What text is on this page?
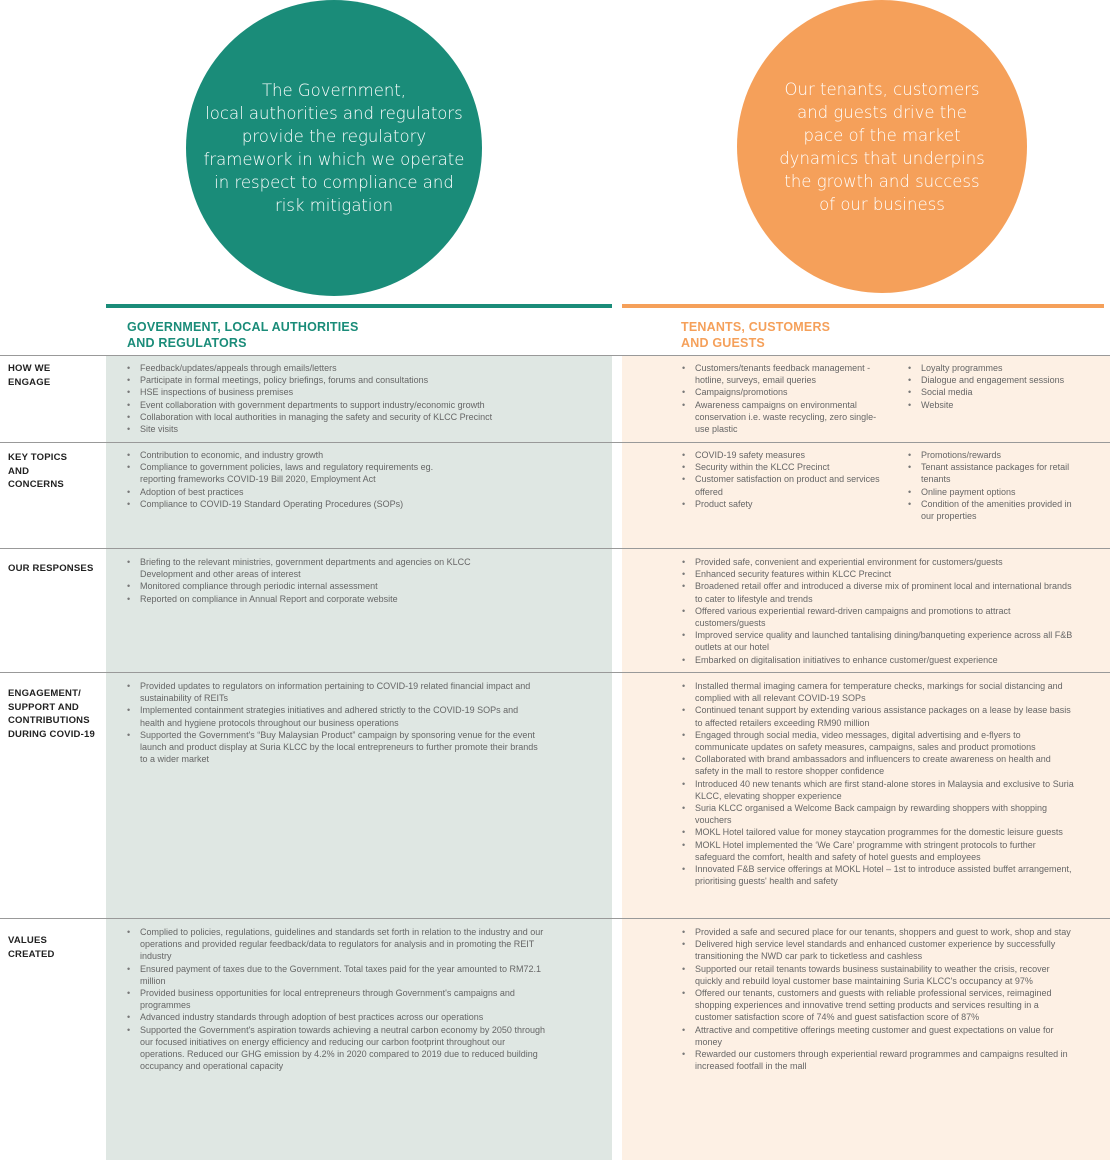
The Government,
local authorities and regulators
provide the regulatory
framework in which we operate
in respect to compliance and
risk mitigation

Our tenants, customers
and guests drive the
pace of the market
dynamics that underpins
the growth and success
of our business

GOVERNMENT, LOCAL AUTHORITIES
AND REGULATORS
TENANTS, CUSTOMERS
AND GUESTS
HOW WE
ENGAGE
• Feedback/updates/appeals through emails/letters
• Participate in formal meetings, policy briefings, forums and consultations
• HSE inspections of business premises
• Event collaboration with government departments to support industry/economic growth
• Collaboration with local authorities in managing the safety and security of KLCC Precinct
• Site visits
• Customers/tenants feedback management - hotline, surveys, email queries
• Campaigns/promotions
• Awareness campaigns on environmental conservation i.e. waste recycling, zero single-use plastic
• Loyalty programmes
• Dialogue and engagement sessions
• Social media
• Website
KEY TOPICS
AND
CONCERNS
• Contribution to economic, and industry growth
• Compliance to government policies, laws and regulatory requirements eg. reporting frameworks COVID-19 Bill 2020, Employment Act
• Adoption of best practices
• Compliance to COVID-19 Standard Operating Procedures (SOPs)
• COVID-19 safety measures
• Security within the KLCC Precinct
• Customer satisfaction on product and services offered
• Product safety
• Promotions/rewards
• Tenant assistance packages for retail tenants
• Online payment options
• Condition of the amenities provided in our properties
OUR RESPONSES
• Briefing to the relevant ministries, government departments and agencies on KLCC Development and other areas of interest
• Monitored compliance through periodic internal assessment
• Reported on compliance in Annual Report and corporate website
• Provided safe, convenient and experiential environment for customers/guests
• Enhanced security features within KLCC Precinct
• Broadened retail offer and introduced a diverse mix of prominent local and international brands to cater to lifestyle and trends
• Offered various experiential reward-driven campaigns and promotions to attract customers/guests
• Improved service quality and launched tantalising dining/banqueting experience across all F&B outlets at our hotel
• Embarked on digitalisation initiatives to enhance customer/guest experience
ENGAGEMENT/
SUPPORT AND
CONTRIBUTIONS
DURING COVID-19
• Provided updates to regulators on information pertaining to COVID-19 related financial impact and sustainability of REITs
• Implemented containment strategies initiatives and adhered strictly to the COVID-19 SOPs and health and hygiene protocols throughout our business operations
• Supported the Government's “Buy Malaysian Product” campaign by sponsoring venue for the event launch and product display at Suria KLCC by the local entrepreneurs to further promote their brands to a wider market
• Installed thermal imaging camera for temperature checks, markings for social distancing and complied with all relevant COVID-19 SOPs
• Continued tenant support by extending various assistance packages on a lease by lease basis to affected retailers exceeding RM90 million
• Engaged through social media, video messages, digital advertising and e-flyers to communicate updates on safety measures, campaigns, sales and product promotions
• Collaborated with brand ambassadors and influencers to create awareness on health and safety in the mall to restore shopper confidence
• Introduced 40 new tenants which are first stand-alone stores in Malaysia and exclusive to Suria KLCC, elevating shopper experience
• Suria KLCC organised a Welcome Back campaign by rewarding shoppers with shopping vouchers
• MOKL Hotel tailored value for money staycation programmes for the domestic leisure guests
• MOKL Hotel implemented the ‘We Care’ programme with stringent protocols to further safeguard the comfort, health and safety of hotel guests and employees
• Innovated F&B service offerings at MOKL Hotel – 1st to introduce assisted buffet arrangement, prioritising guests' health and safety
VALUES
CREATED
• Complied to policies, regulations, guidelines and standards set forth in relation to the industry and our operations and provided regular feedback/data to regulators for analysis and in promoting the REIT industry
• Ensured payment of taxes due to the Government. Total taxes paid for the year amounted to RM72.1 million
• Provided business opportunities for local entrepreneurs through Government's campaigns and programmes
• Advanced industry standards through adoption of best practices across our operations
• Supported the Government's aspiration towards achieving a neutral carbon economy by 2050 through our focused initiatives on energy efficiency and reducing our carbon footprint throughout our operations. Reduced our GHG emission by 4.2% in 2020 compared to 2019 due to reduced building occupancy and operational capacity
• Provided a safe and secured place for our tenants, shoppers and guest to work, shop and stay
• Delivered high service level standards and enhanced customer experience by successfully transitioning the NWD car park to ticketless and cashless
• Supported our retail tenants towards business sustainability to weather the crisis, recover quickly and rebuild loyal customer base maintaining Suria KLCC's occupancy at 97%
• Offered our tenants, customers and guests with reliable professional services, reimagined shopping experiences and innovative trend setting products and services resulting in a customer satisfaction score of 74% and guest satisfaction score of 87%
• Attractive and competitive offerings meeting customer and guest expectations on value for money
• Rewarded our customers through experiential reward programmes and campaigns resulted in increased footfall in the mall
